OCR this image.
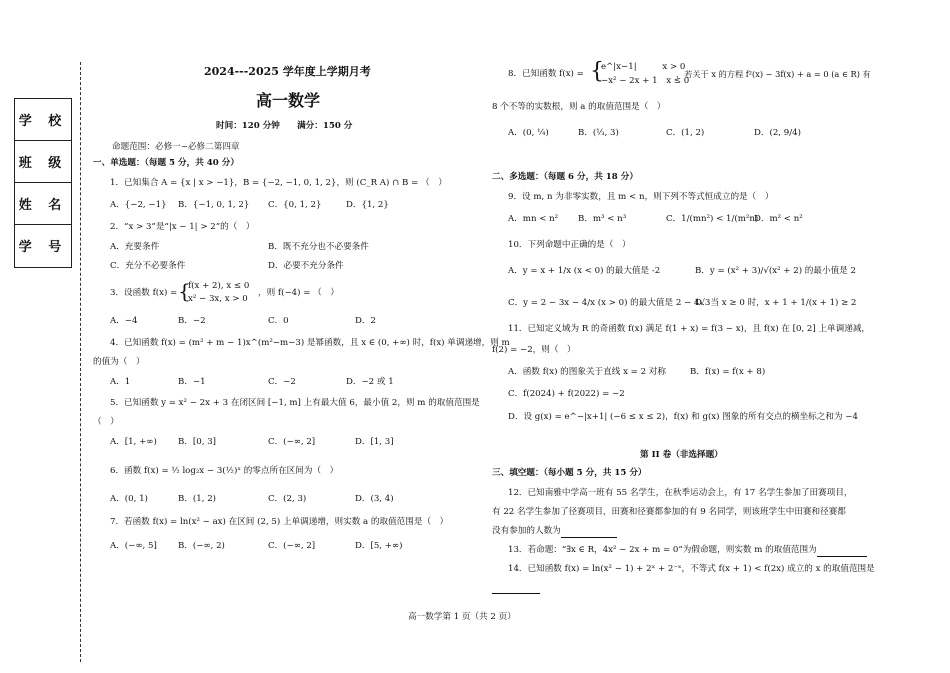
学 校
班 级
姓 名
学 号
2024---2025 学年度上学期月考
高一数学
时间：120 分钟　　满分：150 分
命题范围：必修一~必修二第四章
一、单选题：（每题 5 分，共 40 分）
1．已知集合 A = {x | x > −1}，B = {−2, −1, 0, 1, 2}，则 (C_R A) ∩ B = （　）
A．{−2, −1} B．{−1, 0, 1, 2} C．{0, 1, 2}	D．{1, 2}
2．“x > 3”是“|x − 1| > 2”的（　）
A．充要条件	B．既不充分也不必要条件
C．充分不必要条件	D．必要不充分条件
3．设函数 f(x) = {
f(x + 2), x ≤ 0
x² − 3x, x > 0
，则 f(−4) = （　）
A．−4	B．−2	C．0	D．2
4．已知函数 f(x) = (m² + m − 1)x^(m²−m−3) 是幂函数，且 x ∈ (0, +∞) 时，f(x) 单调递增，则 m
的值为（　）
A．1	B．−1	C．−2	D．−2 或 1
5．已知函数 y = x² − 2x + 3 在闭区间 [−1, m] 上有最大值 6，最小值 2，则 m 的取值范围是
（　）
A．[1, +∞) B．[0, 3]	C．(−∞, 2]	D．[1, 3]
6．函数 f(x) = ½ log₂x − 3(½)ˣ 的零点所在区间为（　）
A．(0, 1)	B．(1, 2)	C．(2, 3)	D．(3, 4)
7．若函数 f(x) = ln(x² − ax) 在区间 (2, 5) 上单调递增，则实数 a 的取值范围是（　）
A．(−∞, 5] B．(−∞, 2)	C．(−∞, 2]	D．[5, +∞)
8．已知函数 f(x) = {
e^|x−1|　　　x > 0
−x² − 2x + 1　x ≤ 0
，若关于 x 的方程 f²(x) − 3f(x) + a = 0 (a ∈ R) 有
8 个不等的实数根，则 a 的取值范围是（　）
A．(0, ¼)	B．(⅓, 3)	C．(1, 2)	D．(2, 9/4)
二、多选题：（每题 6 分，共 18 分）
9．设 m, n 为非零实数，且 m < n，则下列不等式恒成立的是（　）
A．mn < n² B．m³ < n³	C．1/(mn²) < 1/(m²n)
D．m² < n²
10．下列命题中正确的是（　）
A．y = x + 1/x (x < 0) 的最大值是 -2	B．y = (x² + 3)/√(x² + 2) 的最小值是 2
C．y = 2 − 3x − 4/x (x > 0) 的最大值是 2 − 4√3
D．当 x ≥ 0 时，x + 1 + 1/(x + 1) ≥ 2
11．已知定义域为 R 的奇函数 f(x) 满足 f(1 + x) = f(3 − x)，且 f(x) 在 [0, 2] 上单调递减，
f(2) = −2，则（　）
A．函数 f(x) 的图象关于直线 x = 2 对称	B．f(x) = f(x + 8)
C．f(2024) + f(2022) = −2
D．设 g(x) = e^−|x+1| (−6 ≤ x ≤ 2)，f(x) 和 g(x) 图象的所有交点的横坐标之和为 −4
第 II 卷（非选择题）
三、填空题：（每小题 5 分，共 15 分）
12．已知南雅中学高一班有 55 名学生，在秋季运动会上，有 17 名学生参加了田赛项目，
有 22 名学生参加了径赛项目，田赛和径赛都参加的有 9 名同学，则该班学生中田赛和径赛都
没有参加的人数为
13．若命题：“∃x ∈ R，4x² − 2x + m = 0”为假命题，则实数 m 的取值范围为
14．已知函数 f(x) = ln(x² − 1) + 2ˣ + 2⁻ˣ，不等式 f(x + 1) < f(2x) 成立的 x 的取值范围是
高一数学第 1 页（共 2 页）
